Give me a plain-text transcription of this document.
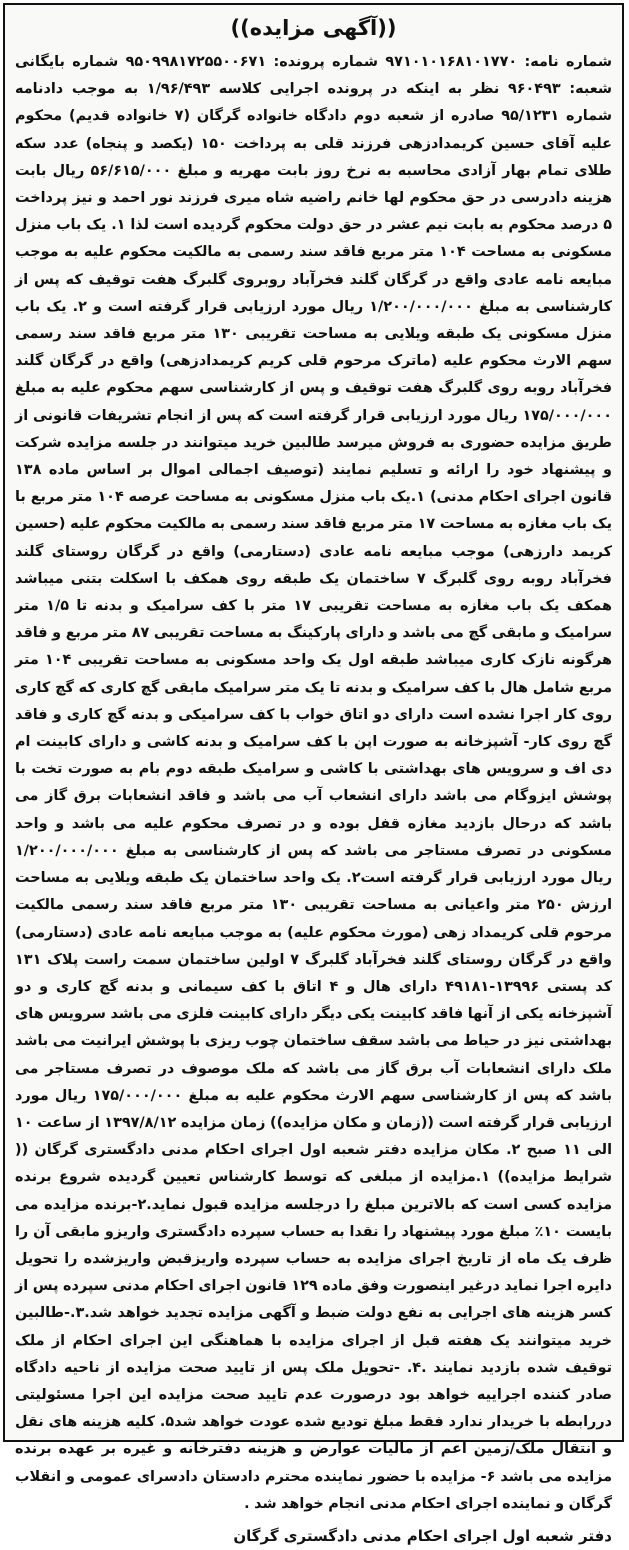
((آگهی مزایده))

شماره نامه: ۹۷۱۰۱۰۱۶۸۱۰۱۷۷۰ شماره پرونده: ۹۵۰۹۹۸۱۷۲۵۵۰۰۶۷۱ شماره بایگانی شعبه: ۹۶۰۴۹۳ نظر به اینکه در پرونده اجرایی کلاسه ۱/۹۶/۴۹۳ به موجب دادنامه شماره ۹۵/۱۲۳۱ صادره از شعبه دوم دادگاه خانواده گرگان (۷ خانواده قدیم) محکوم علیه آقای حسین کریمدادزهی فرزند قلی به پرداخت ۱۵۰ (یکصد و پنجاه) عدد سکه طلای تمام بهار آزادی محاسبه به نرخ روز بابت مهریه و مبلغ ۵۶/۶۱۵/۰۰۰ ریال بابت هزینه دادرسی در حق محکوم لها خانم راضیه شاه میری فرزند نور احمد و نیز پرداخت ۵ درصد محکوم به بابت نیم عشر در حق دولت محکوم گردیده است لذا ۱. یک باب منزل مسکونی به مساحت ۱۰۴ متر مربع فاقد سند رسمی به مالکیت محکوم علیه به موجب مبایعه نامه عادی واقع در گرگان گلند فخرآباد روبروی گلبرگ هفت توقیف که پس از کارشناسی به مبلغ ۱/۲۰۰/۰۰۰/۰۰۰ ریال مورد ارزیابی قرار گرفته است و ۲. یک باب منزل مسکونی یک طبقه ویلایی به مساحت تقریبی ۱۳۰ متر مربع فاقد سند رسمی سهم الارث محکوم علیه (ماترک مرحوم قلی کریم کریمدادزهی) واقع در گرگان گلند فخرآباد روبه روی گلبرگ هفت توقیف و پس از کارشناسی سهم محکوم علیه به مبلغ ۱۷۵/۰۰۰/۰۰۰ ریال مورد ارزیابی قرار گرفته است که پس از انجام تشریفات قانونی از طریق مزایده حضوری به فروش میرسد طالبین خرید میتوانند در جلسه مزایده شرکت و پیشنهاد خود را ارائه و تسلیم نمایند (توصیف اجمالی اموال بر اساس ماده ۱۳۸ قانون اجرای احکام مدنی) ۱.یک باب منزل مسکونی به مساحت عرصه ۱۰۴ متر مربع با یک باب مغازه به مساحت ۱۷ متر مربع فاقد سند رسمی به مالکیت محکوم علیه (حسین کریمد دارزهی) موجب مبایعه نامه عادی (دستارمی) واقع در گرگان روستای گلند فخرآباد روبه روی گلبرگ ۷ ساختمان یک طبقه روی همکف با اسکلت بتنی میباشد همکف یک باب مغازه به مساحت تقریبی ۱۷ متر با کف سرامیک و بدنه تا ۱/۵ متر سرامیک و مابقی گچ می باشد و دارای پارکینگ به مساحت تقریبی ۸۷ متر مربع و فاقد هرگونه نازک کاری میباشد طبقه اول یک واحد مسکونی به مساحت تقریبی ۱۰۴ متر مربع شامل هال با کف سرامیک و بدنه تا یک متر سرامیک مابقی گچ کاری که گچ کاری روی کار اجرا نشده است دارای دو اتاق خواب با کف سرامیکی و بدنه گچ کاری و فاقد گچ روی کار- آشپزخانه به صورت اپن با کف سرامیک و بدنه کاشی و دارای کابینت ام دی اف و سرویس های بهداشتی با کاشی و سرامیک طبقه دوم بام به صورت تخت با پوشش ایزوگام می باشد دارای انشعاب آب می باشد و فاقد انشعابات برق گاز می باشد که درحال بازدید مغازه قفل بوده و در تصرف محکوم علیه می باشد و واحد مسکونی در تصرف مستاجر می باشد که پس از کارشناسی به مبلغ ۱/۲۰۰/۰۰۰/۰۰۰ ریال مورد ارزیابی قرار گرفته است۲. یک واحد ساختمان یک طبقه ویلایی به مساحت ارزش ۲۵۰ متر واعیانی به مساحت تقریبی ۱۳۰ متر مربع فاقد سند رسمی مالکیت مرحوم قلی کریمداد زهی (مورث محکوم علیه) به موجب مبایعه نامه عادی (دستارمی) واقع در گرگان روستای گلند فخرآباد گلبرگ ۷ اولین ساختمان سمت راست پلاک ۱۳۱ کد پستی ۱۳۹۹۶-۴۹۱۸۱ دارای هال و ۴ اتاق با کف سیمانی و بدنه گچ کاری و دو آشپزخانه یکی از آنها فاقد کابینت یکی دیگر دارای کابینت فلزی می باشد سرویس های بهداشتی نیز در حیاط می باشد سقف ساختمان چوب ریزی با پوشش ایرانیت می باشد ملک دارای انشعابات آب برق گاز می باشد که ملک موصوف در تصرف مستاجر می باشد که پس از کارشناسی سهم الارث محکوم علیه به مبلغ ۱۷۵/۰۰۰/۰۰۰ ریال مورد ارزیابی قرار گرفته است ((زمان و مکان مزایده)) زمان مزایده ۱۳۹۷/۸/۱۲ از ساعت ۱۰ الی ۱۱ صبح ۲. مکان مزایده دفتر شعبه اول اجرای احکام مدنی دادگستری گرگان (( شرایط مزایده)) ۱.مزایده از مبلغی که توسط کارشناس تعیین گردیده شروع برنده مزایده کسی است که بالاترین مبلغ را درجلسه مزایده قبول نماید.۲-برنده مزایده می بایست ۱۰٪ مبلغ مورد پیشنهاد را نقدا به حساب سپرده دادگستری واریزو مابقی آن را ظرف یک ماه از تاریخ اجرای مزایده به حساب سپرده واریزقبض واریزشده را تحویل دایره اجرا نماید درغیر اینصورت وفق ماده ۱۲۹ قانون اجرای احکام مدنی سپرده پس از کسر هزینه های اجرایی به نفع دولت ضبط و آگهی مزایده تجدید خواهد شد.۳.-طالبین خرید میتوانند یک هفته قبل از اجرای مزایده با هماهنگی این اجرای احکام از ملک توقیف شده بازدید نمایند .۴. -تحویل ملک پس از تایید صحت مزایده از ناحیه دادگاه صادر کننده اجراییه خواهد بود درصورت عدم تایید صحت مزایده این اجرا مسئولیتی دررابطه با خریدار ندارد فقط مبلغ تودیع شده عودت خواهد شد۵. کلیه هزینه های نقل و انتقال ملک/زمین اعم از مالیات عوارض و هزینه دفترخانه و غیره بر عهده برنده مزایده می باشد ۶- مزایده با حضور نماینده محترم دادستان دادسرای عمومی و انقلاب گرگان و نماینده اجرای احکام مدنی انجام خواهد شد .

دفتر شعبه اول اجرای احکام مدنی دادگستری گرگان
